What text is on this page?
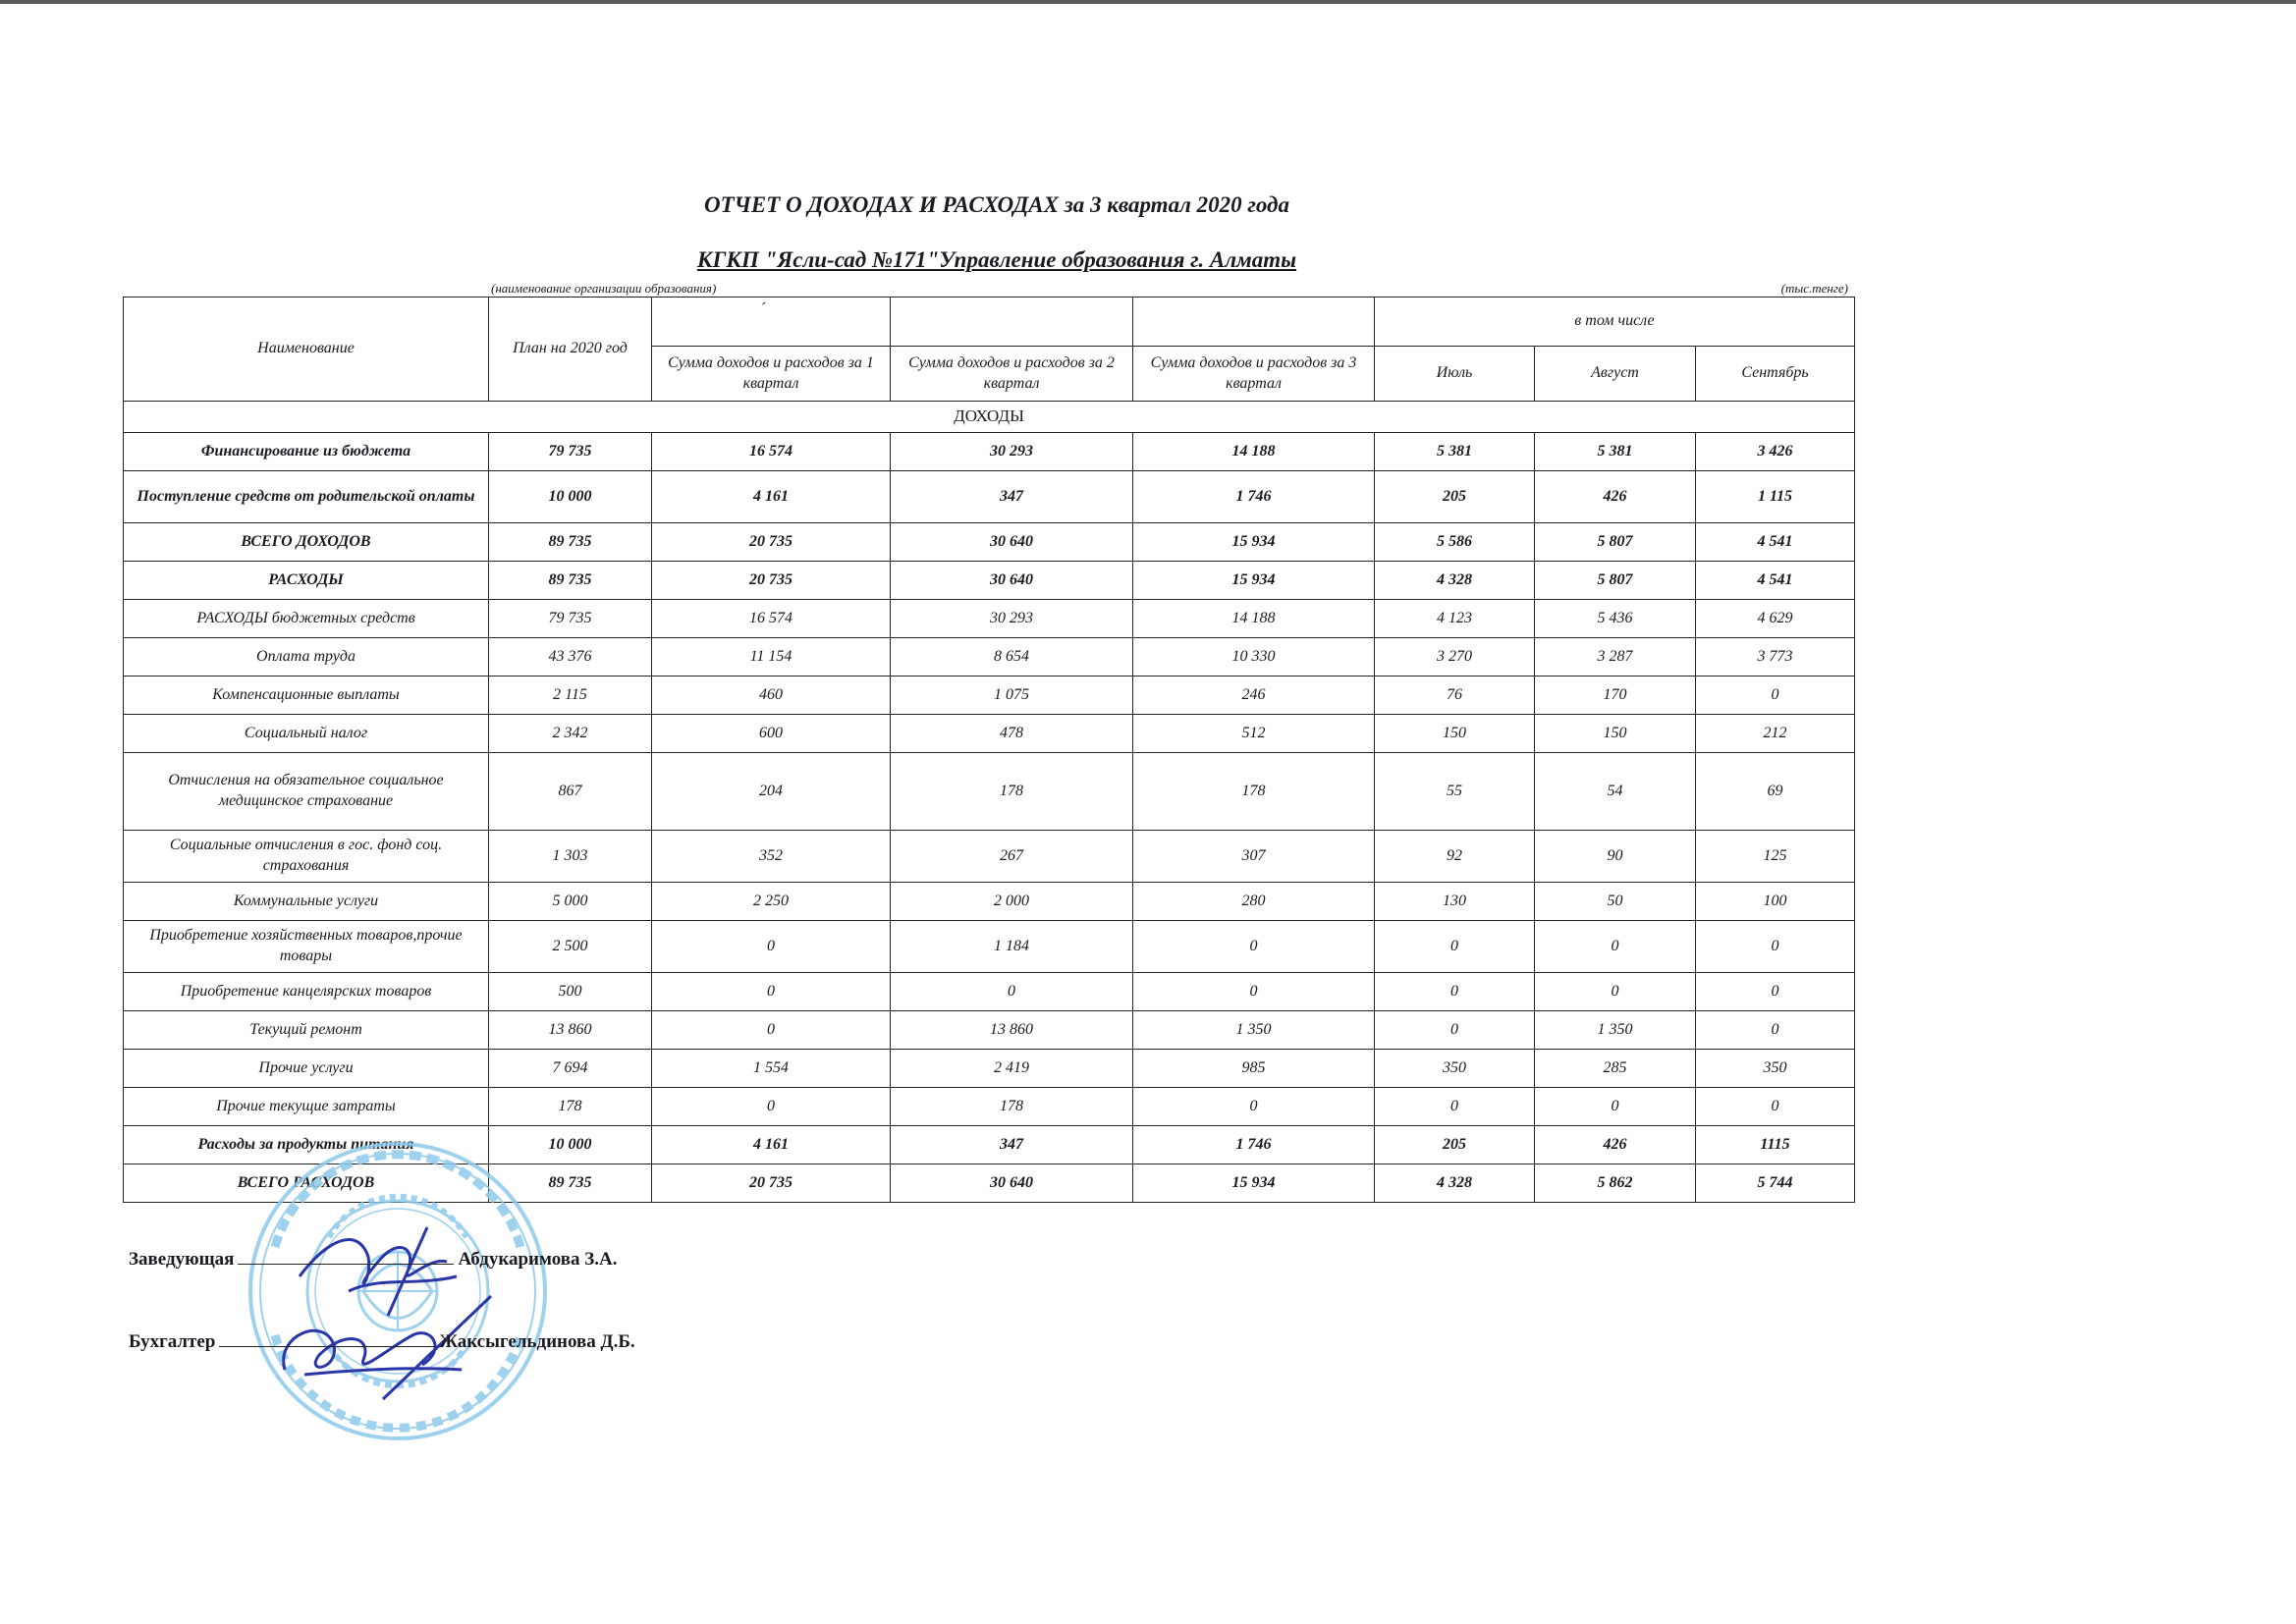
ОТЧЕТ О ДОХОДАХ И РАСХОДАХ за 3 квартал 2020 года
КГКП "Ясли-сад №171"Управление образования г. Алматы
(наименование организации образования)	(тыс.тенге)
Наименование	План на 2020 год	´			в том числе		
		Сумма доходов и расходов за 1 квартал	Сумма доходов и расходов за 2 квартал	Сумма доходов и расходов за 3 квартал	Июль	Август	Сентябрь
ДОХОДЫ							
Финансирование из бюджета	79 735	16 574	30 293	14 188	5 381	5 381	3 426
Поступление средств от родительской оплаты	10 000	4 161	347	1 746	205	426	1 115
ВСЕГО ДОХОДОВ	89 735	20 735	30 640	15 934	5 586	5 807	4 541
РАСХОДЫ	89 735	20 735	30 640	15 934	4 328	5 807	4 541
РАСХОДЫ бюджетных средств	79 735	16 574	30 293	14 188	4 123	5 436	4 629
Оплата труда	43 376	11 154	8 654	10 330	3 270	3 287	3 773
Компенсационные выплаты	2 115	460	1 075	246	76	170	0
Социальный налог	2 342	600	478	512	150	150	212
Отчисления на обязательное социальное медицинское страхование	867	204	178	178	55	54	69
Социальные отчисления в гос. фонд соц. страхования	1 303	352	267	307	92	90	125
Коммунальные услуги	5 000	2 250	2 000	280	130	50	100
Приобретение хозяйственных товаров,прочие товары	2 500	0	1 184	0	0	0	0
Приобретение канцелярских товаров	500	0	0	0	0	0	0
Текущий ремонт	13 860	0	13 860	1 350	0	1 350	0
Прочие услуги	7 694	1 554	2 419	985	350	285	350
Прочие текущие затраты	178	0	178	0	0	0	0
Расходы за продукты питания	10 000	4 161	347	1 746	205	426	1115
ВСЕГО РАСХОДОВ	89 735	20 735	30 640	15 934	4 328	5 862	5 744
Заведующая	Абдукаримова З.А.
Бухгалтер	Жаксыгельдинова Д.Б.
